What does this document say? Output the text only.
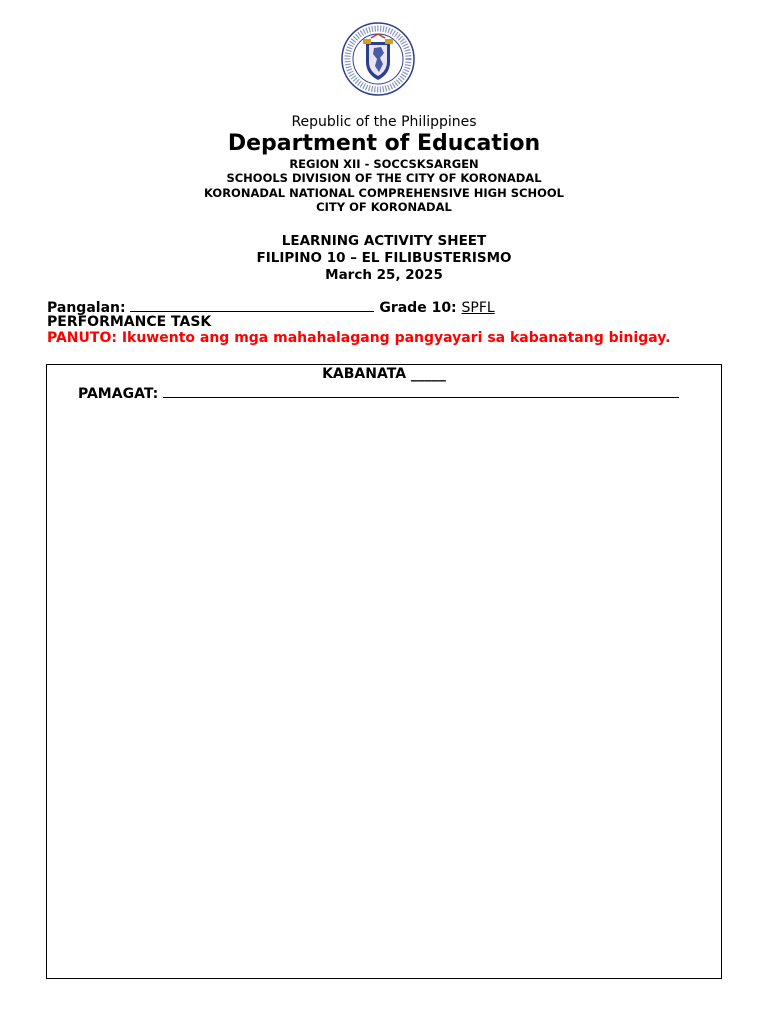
Republic of the Philippines
Department of Education
REGION XII - SOCCSKSARGEN
SCHOOLS DIVISION OF THE CITY OF KORONADAL
KORONADAL NATIONAL COMPREHENSIVE HIGH SCHOOL
CITY OF KORONADAL
LEARNING ACTIVITY SHEET
FILIPINO 10 – EL FILIBUSTERISMO
March 25, 2025
Pangalan:	Grade 10: SPFL
PERFORMANCE TASK
PANUTO: Ikuwento ang mga mahahalagang pangyayari sa kabanatang binigay.
KABANATA _____
PAMAGAT:
